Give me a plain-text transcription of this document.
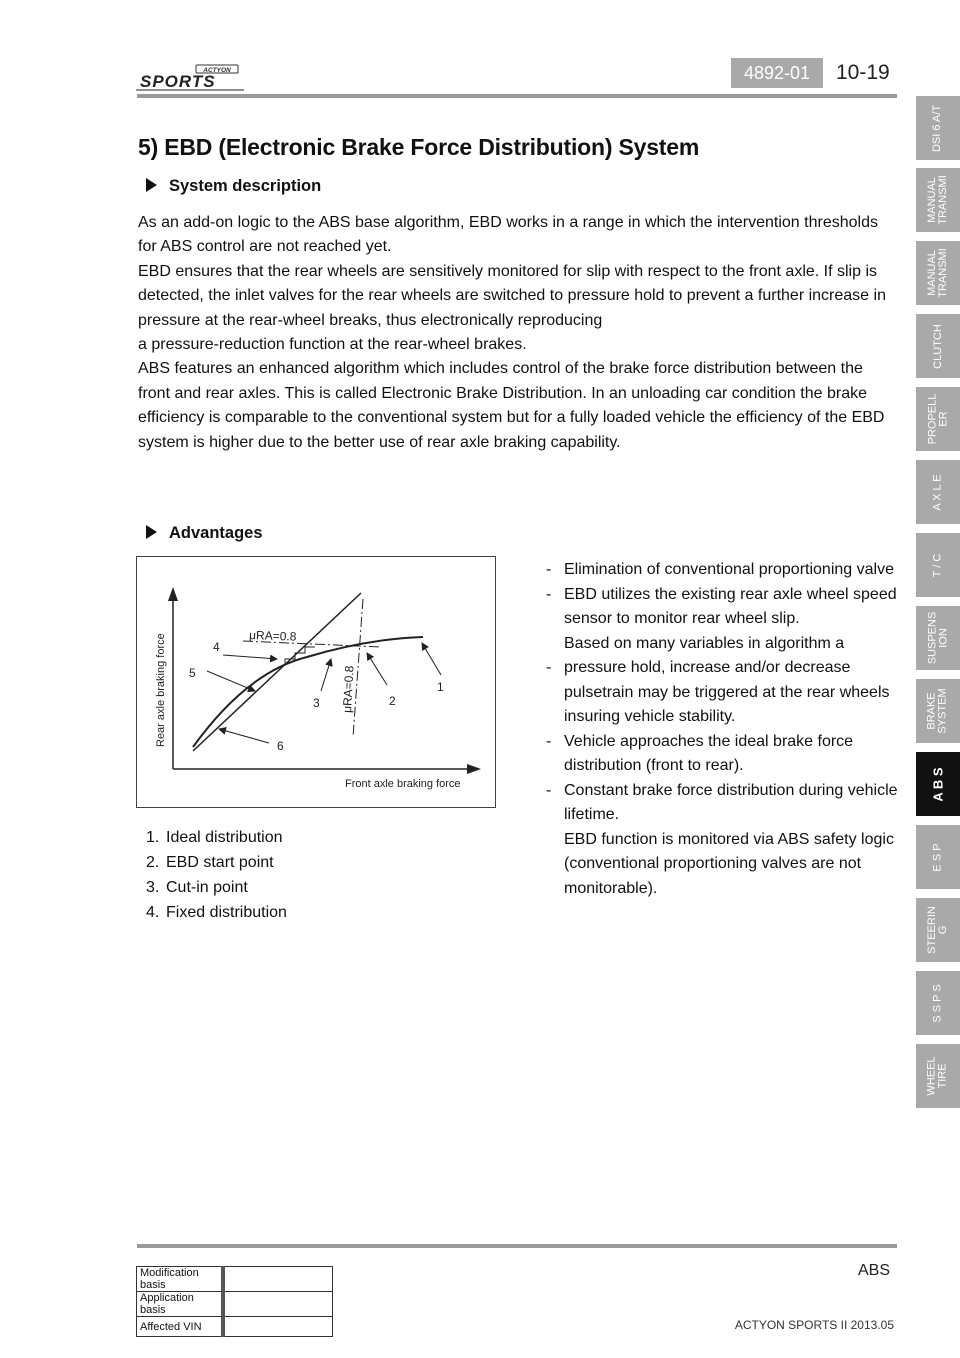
ACTYON
SPORTS	4892-01	10-19
5) EBD (Electronic Brake Force Distribution) System
System description

As an add-on logic to the ABS base algorithm, EBD works in a range in which the intervention thresholds for ABS control are not reached yet.

EBD ensures that the rear wheels are sensitively monitored for slip with respect to the front axle. If slip is detected, the inlet valves for the rear wheels are switched to pressure hold to prevent a further increase in pressure at the rear-wheel breaks, thus electronically reproducing

a pressure-reduction function at the rear-wheel brakes.

ABS features an enhanced algorithm which includes control of the brake force distribution between the front and rear axles. This is called Electronic Brake Distribution. In an unloading car condition the brake efficiency is comparable to the conventional system but for a fully loaded vehicle the efficiency of the EBD system is higher due to the better use of rear axle braking capability.

Advantages
Rear axle braking force
Front axle braking force
μRA=0.8
μRA=0.8	1
2
3
4
5
6
1. Ideal distribution
2. EBD start point
3. Cut-in point
4. Fixed distribution
- Elimination of conventional proportioning valve
- EBD utilizes the existing rear axle wheel speed sensor to monitor rear wheel slip.
Based on many variables in algorithm a
- pressure hold, increase and/or decrease pulsetrain may be triggered at the rear wheels insuring vehicle stability.
- Vehicle approaches the ideal brake force distribution (front to rear).
- Constant brake force distribution during vehicle lifetime.
EBD function is monitored via ABS safety logic (conventional proportioning valves are not monitorable).
DSI 6 A/T
MANUAL
TRANSMI
MANUAL
TRANSMI
CLUTCH
PROPELL
ER
A X L E
T / C
SUSPENS
ION
BRAKE
SYSTEM
A B S
E S P
STEERIN
G
S S P S
WHEEL
TIRE
Modification basis	
Application basis	
Affected VIN	
ABS
ACTYON SPORTS II 2013.05
